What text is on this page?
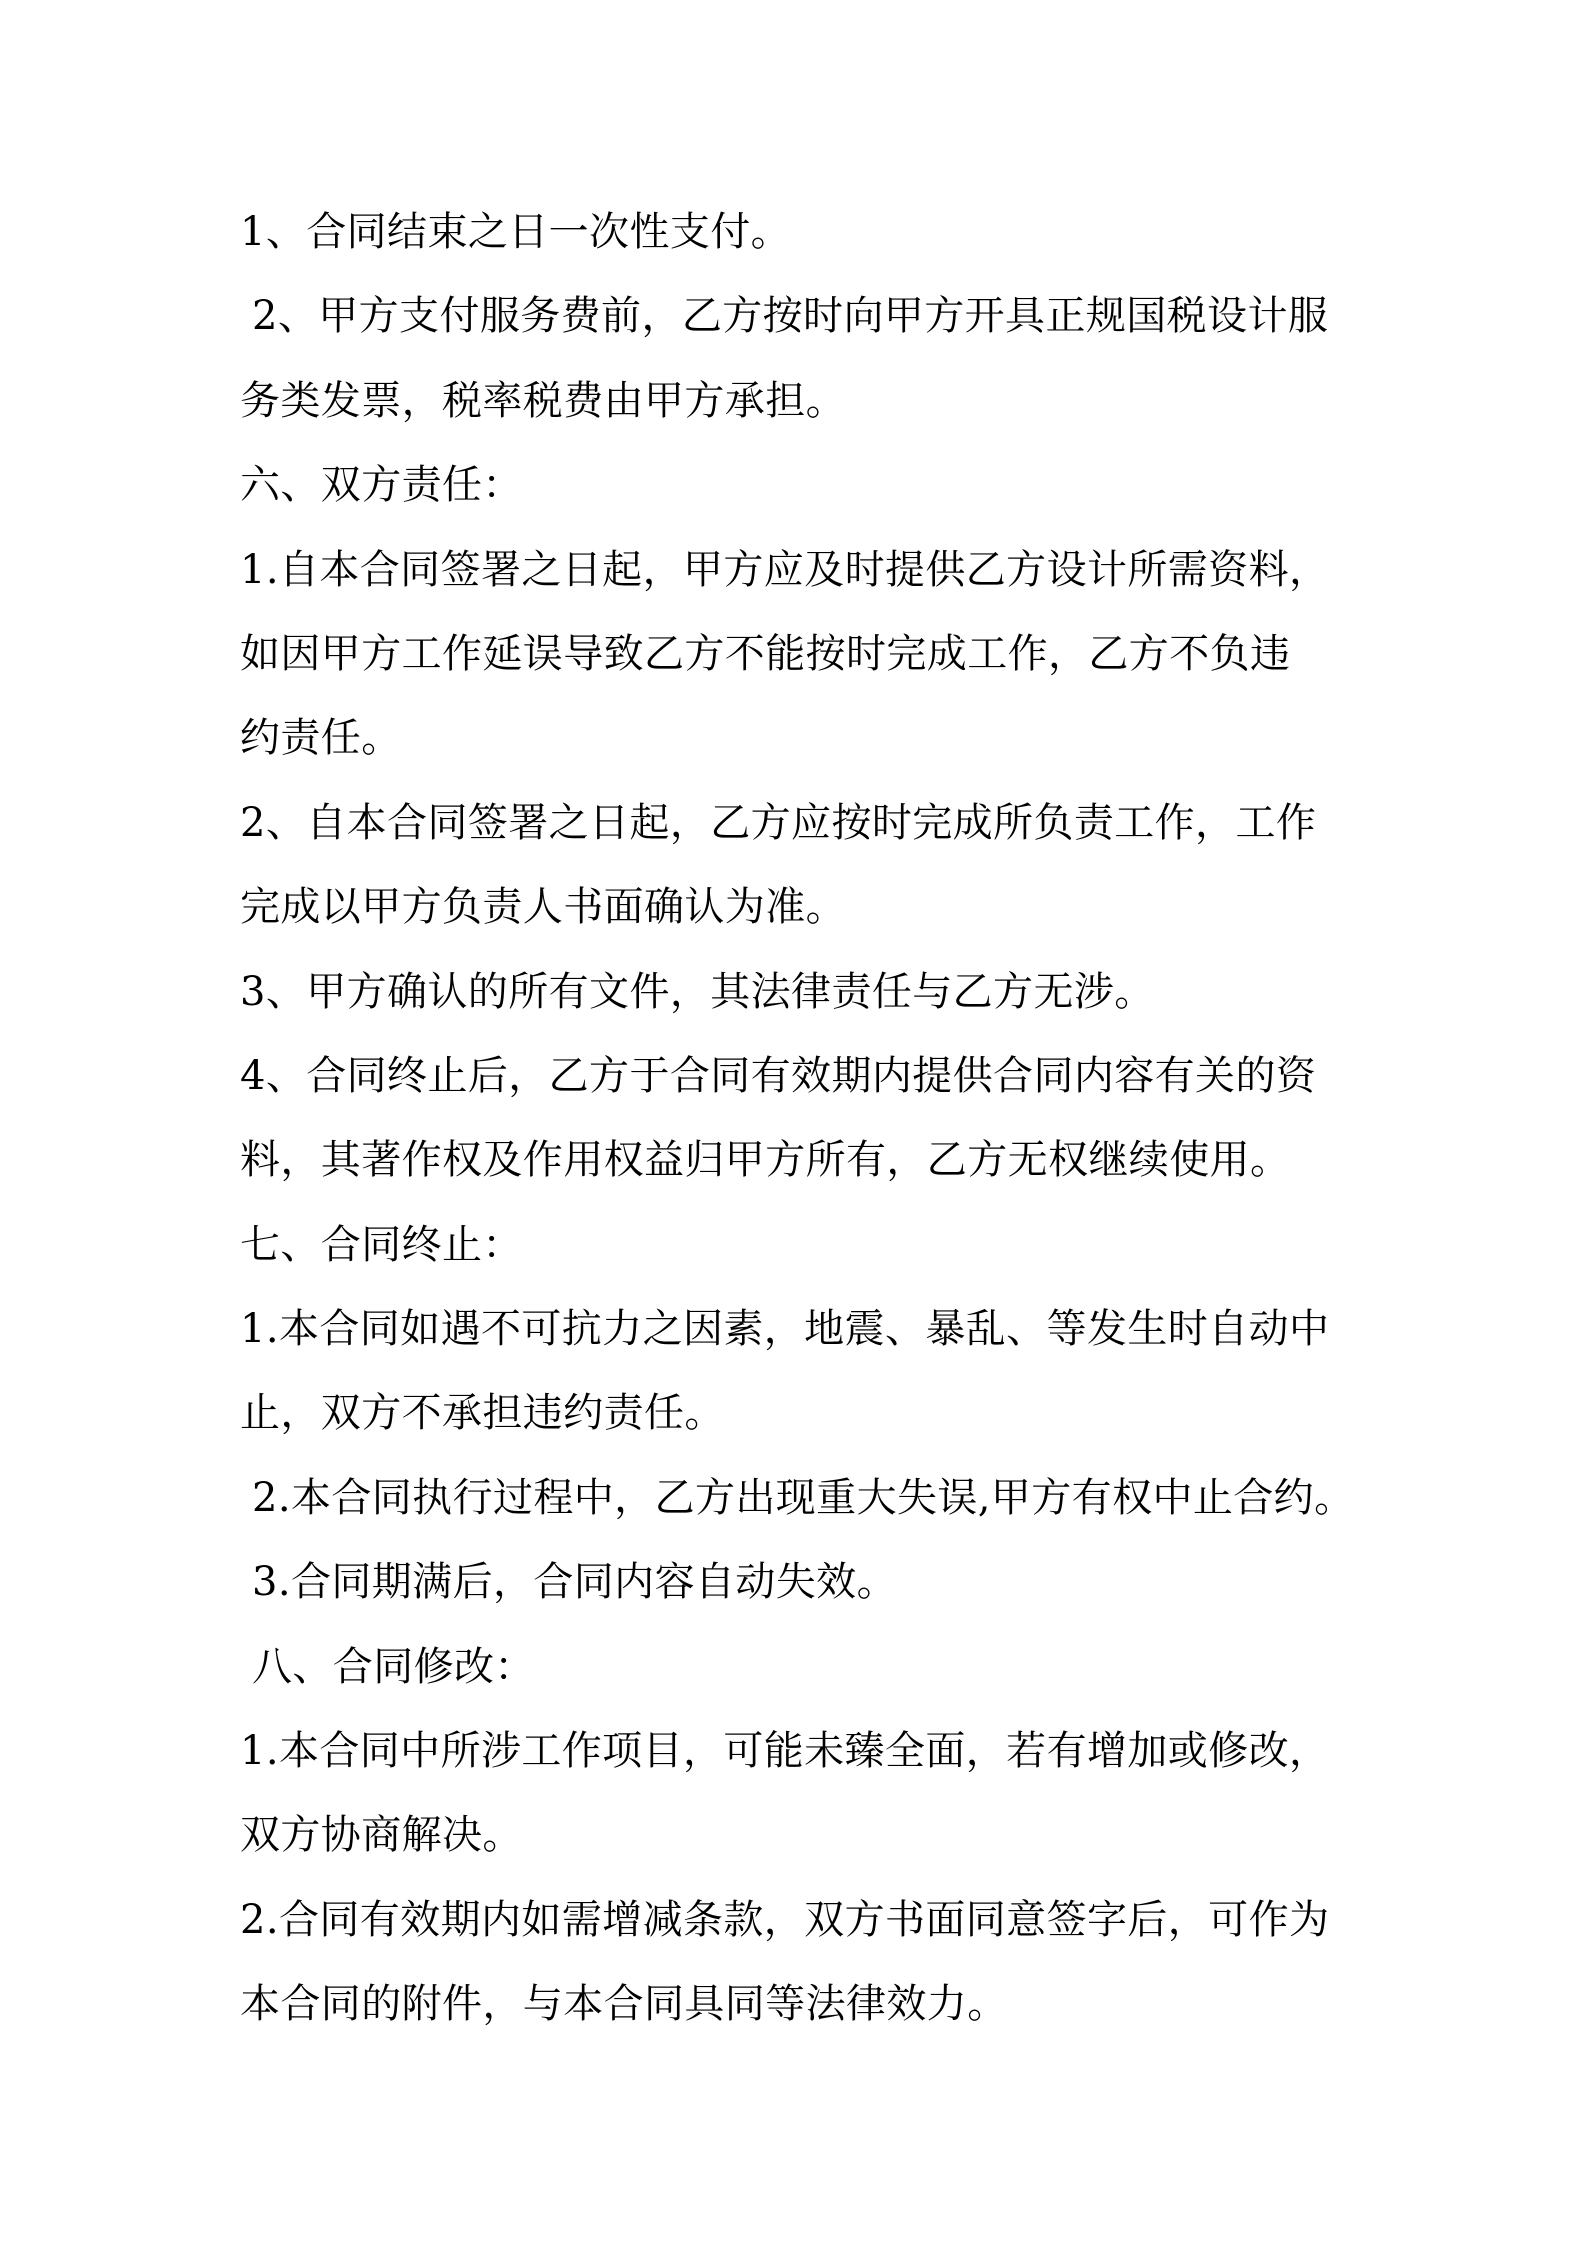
1、合同结束之日一次性支付。
2、甲方支付服务费前，乙方按时向甲方开具正规国税设计服
务类发票，税率税费由甲方承担。
六、双方责任：
1.自本合同签署之日起，甲方应及时提供乙方设计所需资料，
如因甲方工作延误导致乙方不能按时完成工作，乙方不负违
约责任。
2、自本合同签署之日起，乙方应按时完成所负责工作，工作
完成以甲方负责人书面确认为准。
3、甲方确认的所有文件，其法律责任与乙方无涉。
4、合同终止后，乙方于合同有效期内提供合同内容有关的资
料，其著作权及作用权益归甲方所有，乙方无权继续使用。
七、合同终止：
1.本合同如遇不可抗力之因素，地震、暴乱、等发生时自动中
止，双方不承担违约责任。
2.本合同执行过程中，乙方出现重大失误,甲方有权中止合约。
3.合同期满后，合同内容自动失效。
八、合同修改：
1.本合同中所涉工作项目，可能未臻全面，若有增加或修改，
双方协商解决。
2.合同有效期内如需增减条款，双方书面同意签字后，可作为
本合同的附件，与本合同具同等法律效力。
